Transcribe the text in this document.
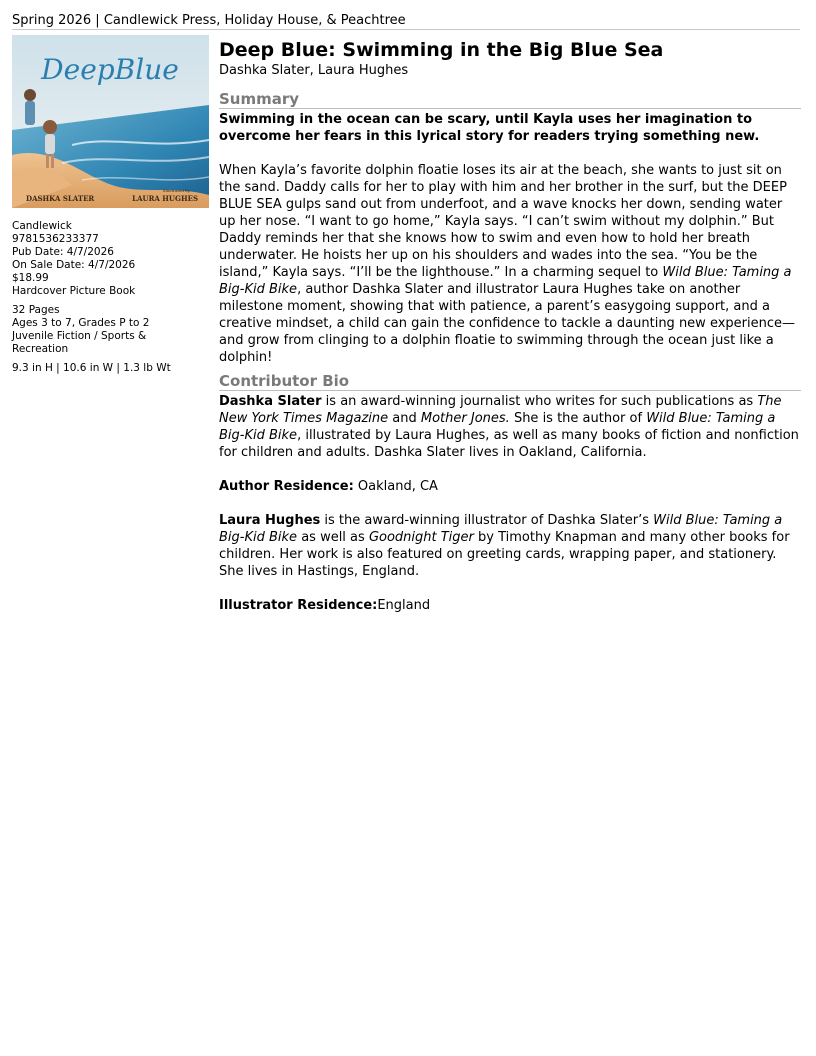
Spring 2026 | Candlewick Press, Holiday House, & Peachtree
DeepBlue
DASHKA SLATER
illustrated by
LAURA HUGHES
Candlewick
9781536233377
Pub Date: 4/7/2026
On Sale Date: 4/7/2026
$18.99
Hardcover Picture Book
32 Pages
Ages 3 to 7, Grades P to 2
Juvenile Fiction / Sports & Recreation
9.3 in H | 10.6 in W | 1.3 lb Wt
Deep Blue: Swimming in the Big Blue Sea
Dashka Slater, Laura Hughes
Summary

Swimming in the ocean can be scary, until Kayla uses her imagination to overcome her fears in this lyrical story for readers trying something new.

When Kayla’s favorite dolphin floatie loses its air at the beach, she wants to just sit on the sand. Daddy calls for her to play with him and her brother in the surf, but the DEEP BLUE SEA gulps sand out from underfoot, and a wave knocks her down, sending water up her nose. “I want to go home,” Kayla says. “I can’t swim without my dolphin.” But Daddy reminds her that she knows how to swim and even how to hold her breath underwater. He hoists her up on his shoulders and wades into the sea. “You be the island,” Kayla says. “I’ll be the lighthouse.” In a charming sequel to Wild Blue: Taming a Big-Kid Bike, author Dashka Slater and illustrator Laura Hughes take on another milestone moment, showing that with patience, a parent’s easygoing support, and a creative mindset, a child can gain the confidence to tackle a daunting new experience—and grow from clinging to a dolphin floatie to swimming through the ocean just like a dolphin!

Contributor Bio

Dashka Slater is an award-winning journalist who writes for such publications as The New York Times Magazine and Mother Jones. She is the author of Wild Blue: Taming a Big-Kid Bike, illustrated by Laura Hughes, as well as many books of fiction and nonfiction for children and adults. Dashka Slater lives in Oakland, California.

Author Residence: Oakland, CA

Laura Hughes is the award-winning illustrator of Dashka Slater’s Wild Blue: Taming a Big-Kid Bike as well as Goodnight Tiger by Timothy Knapman and many other books for children. Her work is also featured on greeting cards, wrapping paper, and stationery. She lives in Hastings, England.

Illustrator Residence:England
